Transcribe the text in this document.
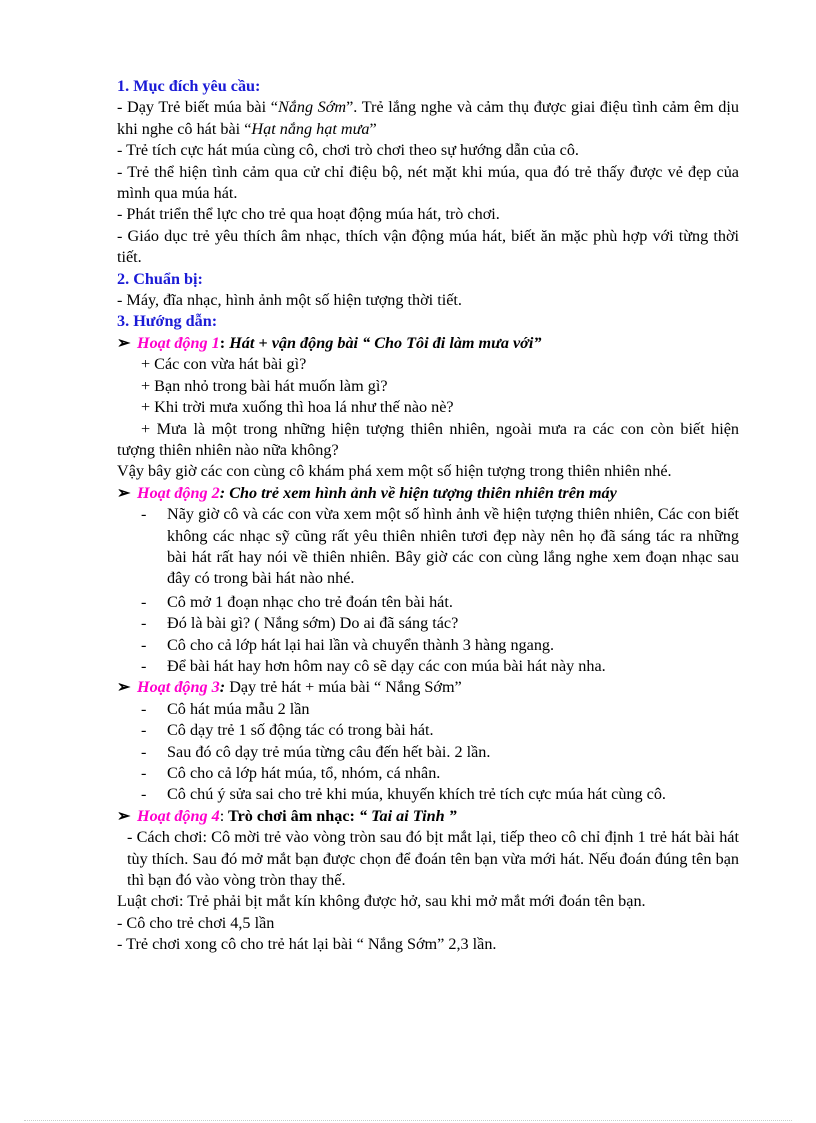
1. Mục đích yêu cầu:

- Dạy Trẻ biết múa bài “Nắng Sớm”. Trẻ lắng nghe và cảm thụ được giai điệu tình cảm êm dịu khi nghe cô hát bài “Hạt nắng hạt mưa”

- Trẻ tích cực hát múa cùng cô, chơi trò chơi theo sự hướng dẫn của cô.

- Trẻ thể hiện tình cảm qua cử chỉ điệu bộ, nét mặt khi múa, qua đó trẻ thấy được vẻ đẹp của mình qua múa hát.

- Phát triển thể lực cho trẻ qua hoạt động múa hát, trò chơi.

- Giáo dục trẻ yêu thích âm nhạc, thích vận động múa hát, biết ăn mặc phù hợp với từng thời tiết.

2. Chuẩn bị:

- Máy, đĩa nhạc, hình ảnh một số hiện tượng thời tiết.

3. Hướng dẫn:

➢ Hoạt động 1: Hát + vận động bài “ Cho Tôi đi làm mưa với”

+ Các con vừa hát bài gì?

+ Bạn nhỏ trong bài hát muốn làm gì?

+ Khi trời mưa xuống thì hoa lá như thế nào nè?

+ Mưa là một trong những hiện tượng thiên nhiên, ngoài mưa ra các con còn biết hiện tượng thiên nhiên nào nữa không?

Vậy bây giờ các con cùng cô khám phá xem một số hiện tượng trong thiên nhiên nhé.

➢ Hoạt động 2: Cho trẻ xem hình ảnh về hiện tượng thiên nhiên trên máy

- Nãy giờ cô và các con vừa xem một số hình ảnh về hiện tượng thiên nhiên, Các con biết không các nhạc sỹ cũng rất yêu thiên nhiên tươi đẹp này nên họ đã sáng tác ra những bài hát rất hay nói về thiên nhiên. Bây giờ các con cùng lắng nghe xem đoạn nhạc sau đây có trong bài hát nào nhé.

- Cô mở 1 đoạn nhạc cho trẻ đoán tên bài hát.

- Đó là bài gì? ( Nắng sớm) Do ai đã sáng tác?

- Cô cho cả lớp hát lại hai lần và chuyển thành 3 hàng ngang.

- Để bài hát hay hơn hôm nay cô sẽ dạy các con múa bài hát này nha.

➢ Hoạt động 3: Dạy trẻ hát + múa bài “ Nắng Sớm”

- Cô hát múa mẫu 2 lần

- Cô dạy trẻ 1 số động tác có trong bài hát.

- Sau đó cô dạy trẻ múa từng câu đến hết bài. 2 lần.

- Cô cho cả lớp hát múa, tổ, nhóm, cá nhân.

- Cô chú ý sửa sai cho trẻ khi múa, khuyến khích trẻ tích cực múa hát cùng cô.

➢ Hoạt động 4: Trò chơi âm nhạc: “ Tai ai Tinh ”

- Cách chơi: Cô mời trẻ vào vòng tròn sau đó bịt mắt lại, tiếp theo cô chỉ định 1 trẻ hát bài hát tùy thích. Sau đó mở mắt bạn được chọn để đoán tên bạn vừa mới hát. Nếu đoán đúng tên bạn thì bạn đó vào vòng tròn thay thế.

Luật chơi: Trẻ phải bịt mắt kín không được hở, sau khi mở mắt mới đoán tên bạn.

- Cô cho trẻ chơi 4,5 lần

- Trẻ chơi xong cô cho trẻ hát lại bài “ Nắng Sớm” 2,3 lần.
